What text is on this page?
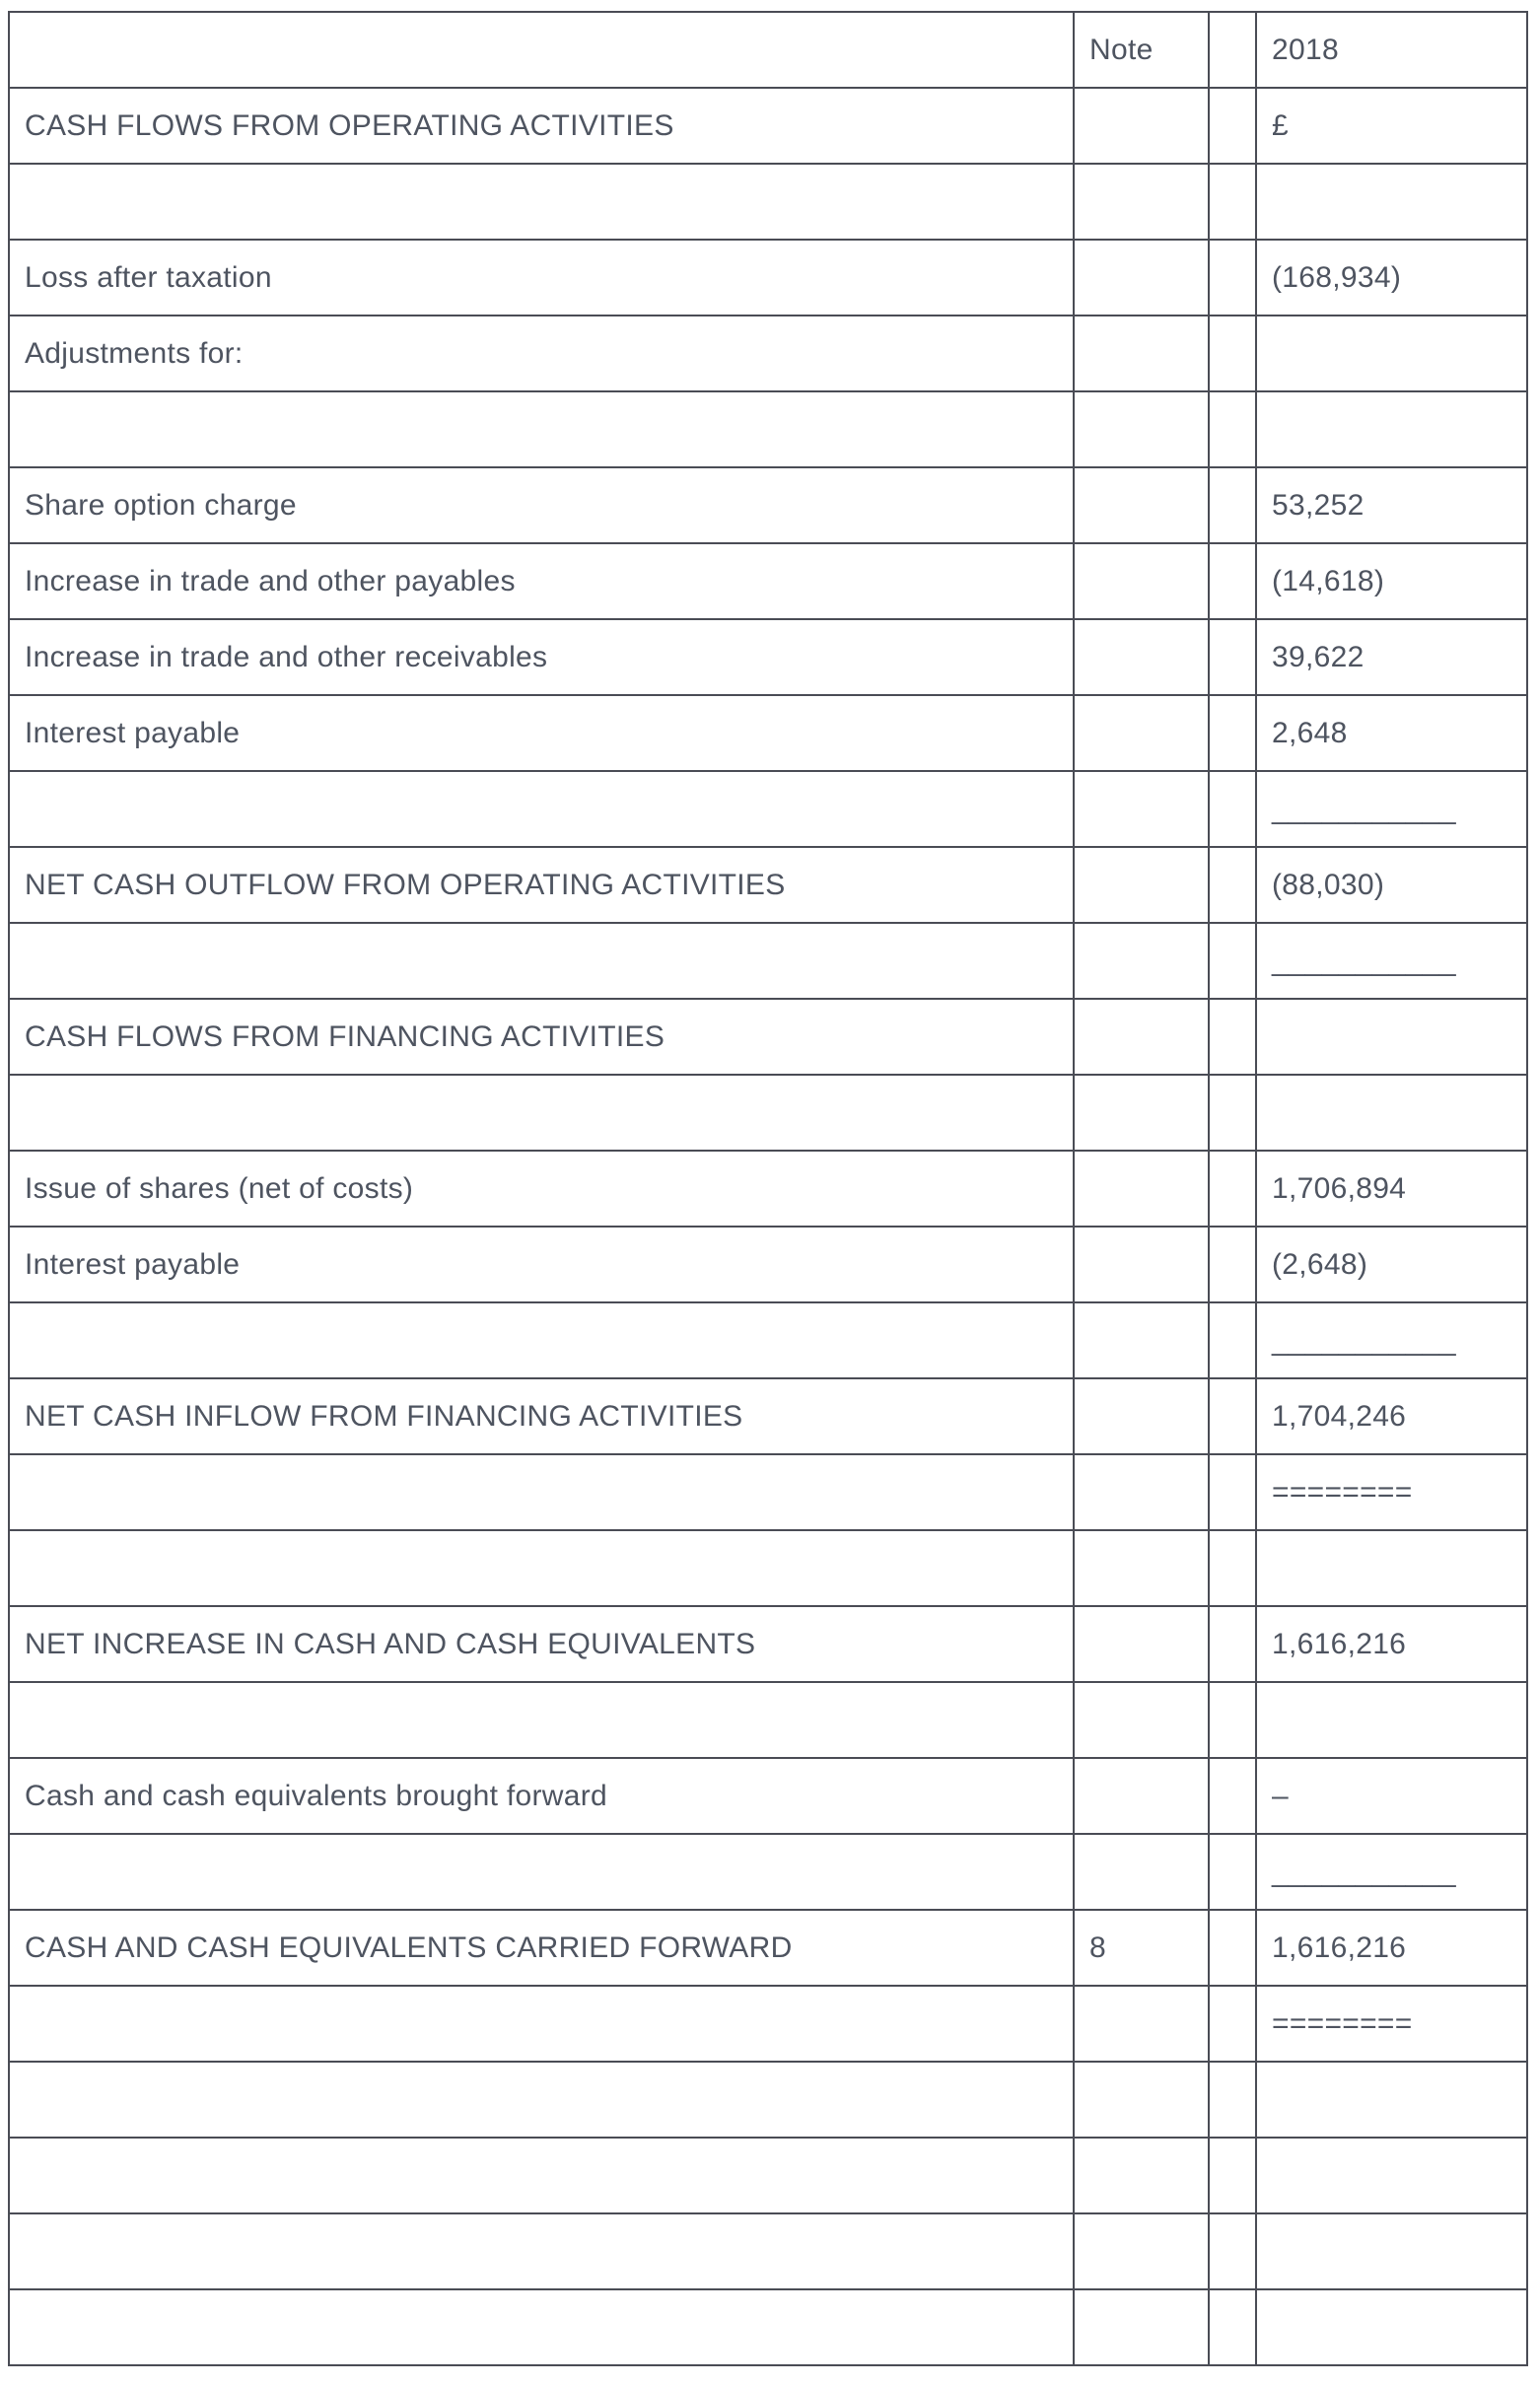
	Note		2018
CASH FLOWS FROM OPERATING ACTIVITIES			£

Loss after taxation			(168,934)
Adjustments for:			

Share option charge			53,252
Increase in trade and other payables			(14,618)
Increase in trade and other receivables			39,622
Interest payable			2,648
			___________
NET CASH OUTFLOW FROM OPERATING ACTIVITIES			(88,030)
			___________
CASH FLOWS FROM FINANCING ACTIVITIES			

Issue of shares (net of costs)			1,706,894
Interest payable			(2,648)
			___________
NET CASH INFLOW FROM FINANCING ACTIVITIES			1,704,246
			========

NET INCREASE IN CASH AND CASH EQUIVALENTS			1,616,216

Cash and cash equivalents brought forward			–
			___________
CASH AND CASH EQUIVALENTS CARRIED FORWARD	8		1,616,216
			========
